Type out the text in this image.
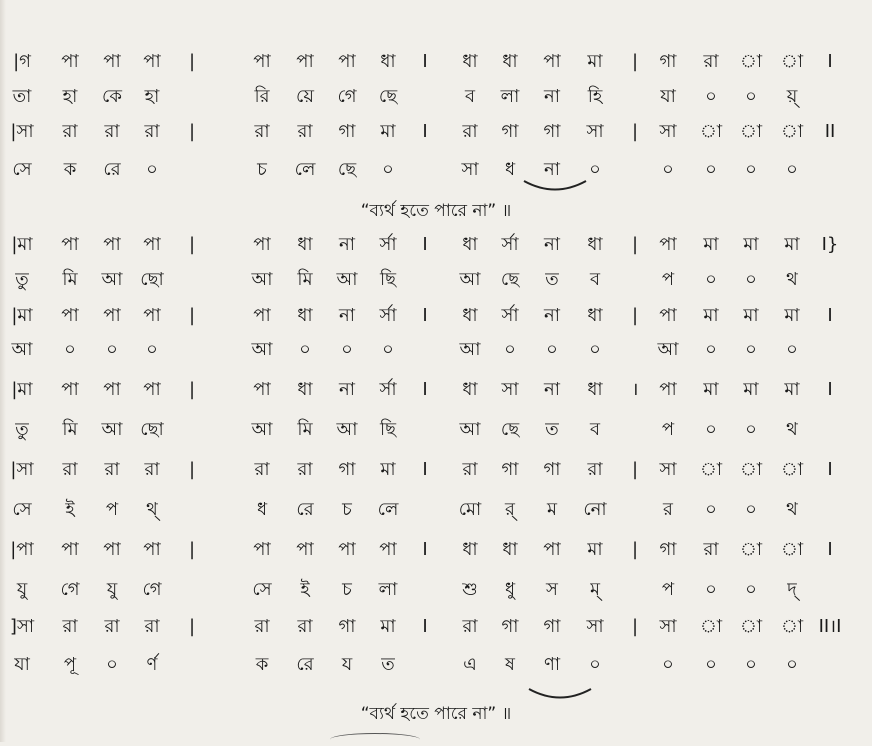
|গ পা পা পা |	পা পা পা ধা I ধা ধা পা মা | গা রা া া I
তা হা কে হা	রি য়ে গে ছে	ব লা না হি	যা ০ ০ য়্
|সা রা রা রা |	রা রা গা মা I রা গা গা সা | সা া া া II
সে ক রে ০	চ লে ছে ০	সা ধ না ০	০ ০ ০ ০
|মা পা পা পা |	পা ধা না র্সা I ধা র্সা না ধা | পা মা মা মা I}
তু মি আ ছো	আ মি আ ছি	আ ছে ত ব	প ০ ০ থ
|মা পা পা পা |	পা ধা না র্সা I ধা র্সা না ধা | পা মা মা মা I
আ ০ ০ ০	আ ০ ০ ০	আ ০ ০ ০	আ ০ ০ ০
|মা পা পা পা |	পা ধা না র্সা I ধা সা না ধা । পা মা মা মা I
তু মি আ ছো	আ মি আ ছি	আ ছে ত ব	প ০ ০ থ
|সা রা রা রা |	রা রা গা মা I রা গা গা রা | সা া া া I
সে ই প থ্	ধ রে চ লে	মো র্ ম নো	র ০ ০ থ
|পা পা পা পা |	পা পা পা পা I ধা ধা পা মা | গা রা া া I
যু গে যু গে	সে ই চ লা	শু ধু স ম্	প ০ ০ দ্
]সা রা রা রা |	রা রা গা মা I রা গা গা সা | সা া া া II।I
যা পূ ০ র্ণ	ক রে য ত	এ ষ ণা ০	০ ০ ০ ০
“ব্যর্থ হতে পারে না” ॥
“ব্যর্থ হতে পারে না” ॥
